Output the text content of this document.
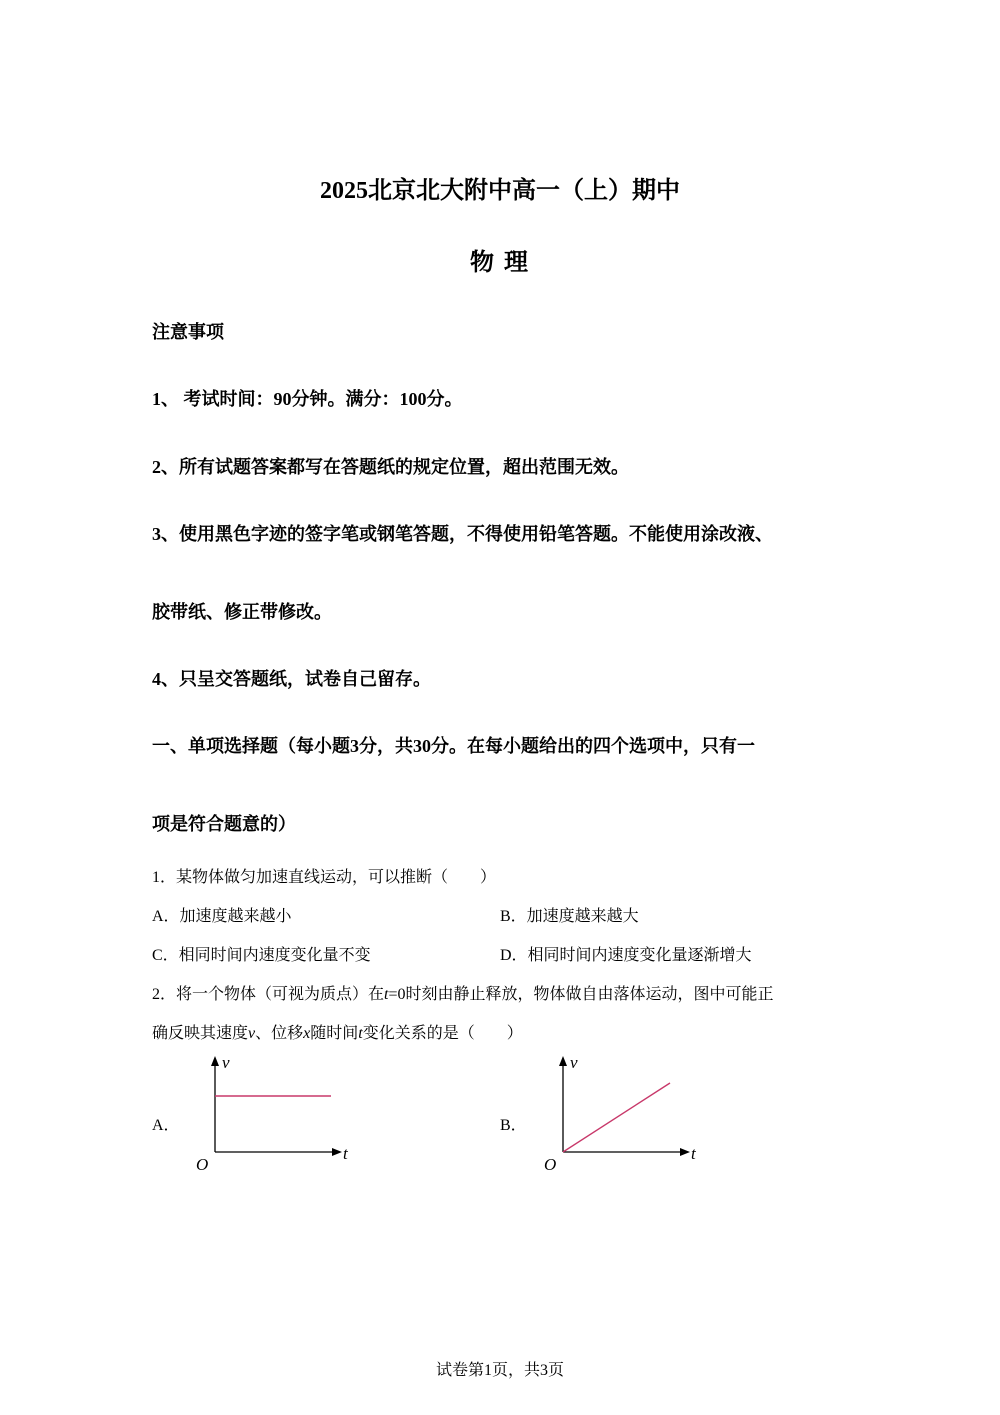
2025北京北大附中高一（上）期中
物 理
注意事项
1、 考试时间：90分钟。满分：100分。
2、所有试题答案都写在答题纸的规定位置，超出范围无效。
3、使用黑色字迹的签字笔或钢笔答题，不得使用铅笔答题。不能使用涂改液、
胶带纸、修正带修改。
4、只呈交答题纸，试卷自己留存。
一、单项选择题（每小题3分，共30分。在每小题给出的四个选项中，只有一
项是符合题意的）
1．某物体做匀加速直线运动，可以推断（　　）
A．加速度越来越小	B．加速度越来越大
C．相同时间内速度变化量不变	D．相同时间内速度变化量逐渐增大
2．将一个物体（可视为质点）在t=0时刻由静止释放，物体做自由落体运动，图中可能正
确反映其速度v、位移x随时间t变化关系的是（　　）
A．	B．
v
t
O
v
t
O
试卷第1页，共3页
